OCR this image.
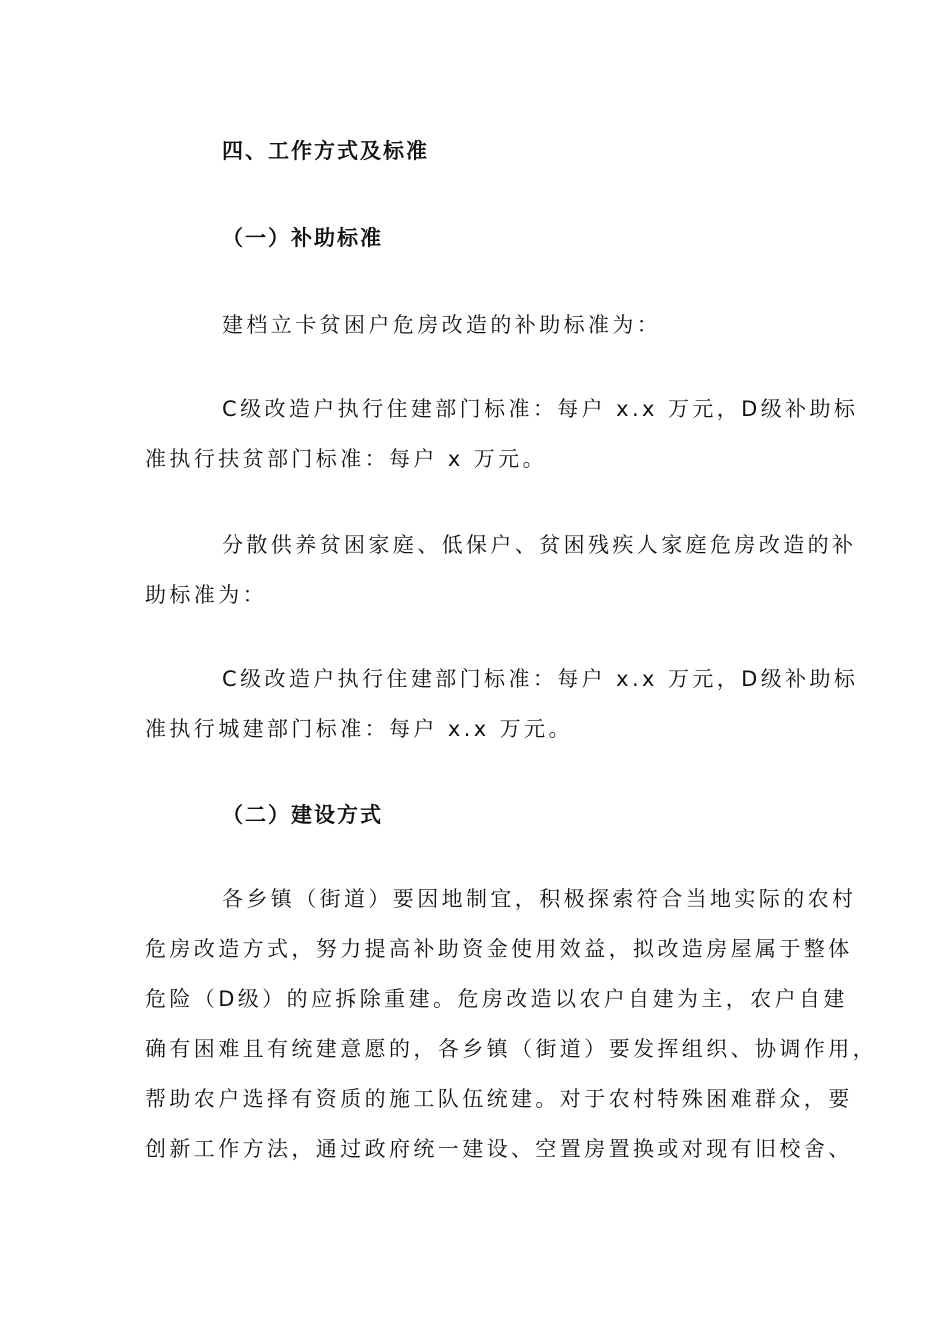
四、工作方式及标准

（一）补助标准

建档立卡贫困户危房改造的补助标准为：

C级改造户执行住建部门标准：每户 x.x 万元，D级补助标

准执行扶贫部门标准：每户 x 万元。

分散供养贫困家庭、低保户、贫困残疾人家庭危房改造的补

助标准为：

C级改造户执行住建部门标准：每户 x.x 万元，D级补助标

准执行城建部门标准：每户 x.x 万元。

（二）建设方式

各乡镇（街道）要因地制宜，积极探索符合当地实际的农村

危房改造方式，努力提高补助资金使用效益，拟改造房屋属于整体

危险（D级）的应拆除重建。危房改造以农户自建为主，农户自建

确有困难且有统建意愿的，各乡镇（街道）要发挥组织、协调作用，

帮助农户选择有资质的施工队伍统建。对于农村特殊困难群众，要

创新工作方法，通过政府统一建设、空置房置换或对现有旧校舍、
